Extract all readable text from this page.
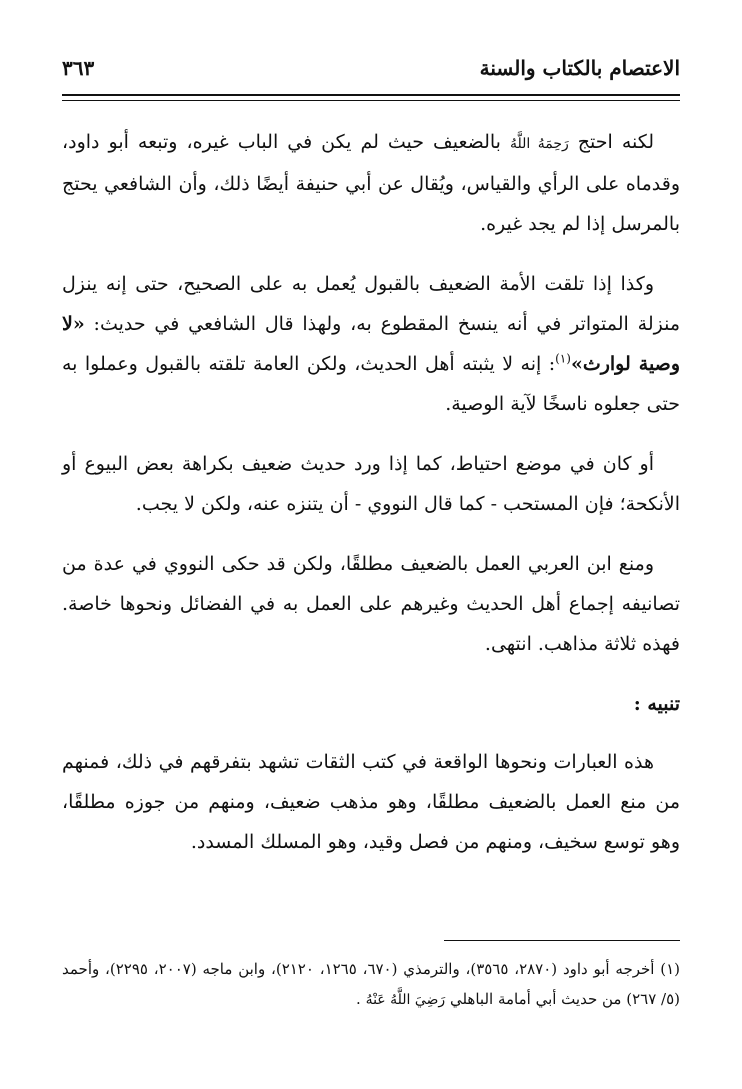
الاعتصام بالكتاب والسنة
٣٦٣

لكنه احتج رَحِمَهُ اللَّهُ بالضعيف حيث لم يكن في الباب غيره، وتبعه أبو داود، وقدماه على الرأي والقياس، ويُقال عن أبي حنيفة أيضًا ذلك، وأن الشافعي يحتج بالمرسل إذا لم يجد غيره.

وكذا إذا تلقت الأمة الضعيف بالقبول يُعمل به على الصحيح، حتى إنه ينزل منزلة المتواتر في أنه ينسخ المقطوع به، ولهذا قال الشافعي في حديث: «لا وصية لوارث»$^{(١)}$: إنه لا يثبته أهل الحديث، ولكن العامة تلقته بالقبول وعملوا به حتى جعلوه ناسخًا لآية الوصية.

أو كان في موضع احتياط، كما إذا ورد حديث ضعيف بكراهة بعض البيوع أو الأنكحة؛ فإن المستحب - كما قال النووي - أن يتنزه عنه، ولكن لا يجب.

ومنع ابن العربي العمل بالضعيف مطلقًا، ولكن قد حكى النووي في عدة من تصانيفه إجماع أهل الحديث وغيرهم على العمل به في الفضائل ونحوها خاصة. فهذه ثلاثة مذاهب. انتهى.

تنبيه :

هذه العبارات ونحوها الواقعة في كتب الثقات تشهد بتفرقهم في ذلك، فمنهم من منع العمل بالضعيف مطلقًا، وهو مذهب ضعيف، ومنهم من جوزه مطلقًا، وهو توسع سخيف، ومنهم من فصل وقيد، وهو المسلك المسدد.

(١) أخرجه أبو داود (٢٨٧٠، ٣٥٦٥)، والترمذي (٦٧٠، ١٢٦٥، ٢١٢٠)، وابن ماجه (٢٠٠٧، ٢٢٩٥)، وأحمد (٥/ ٢٦٧) من حديث أبي أمامة الباهلي رَضِيَ اللَّهُ عَنْهُ .
